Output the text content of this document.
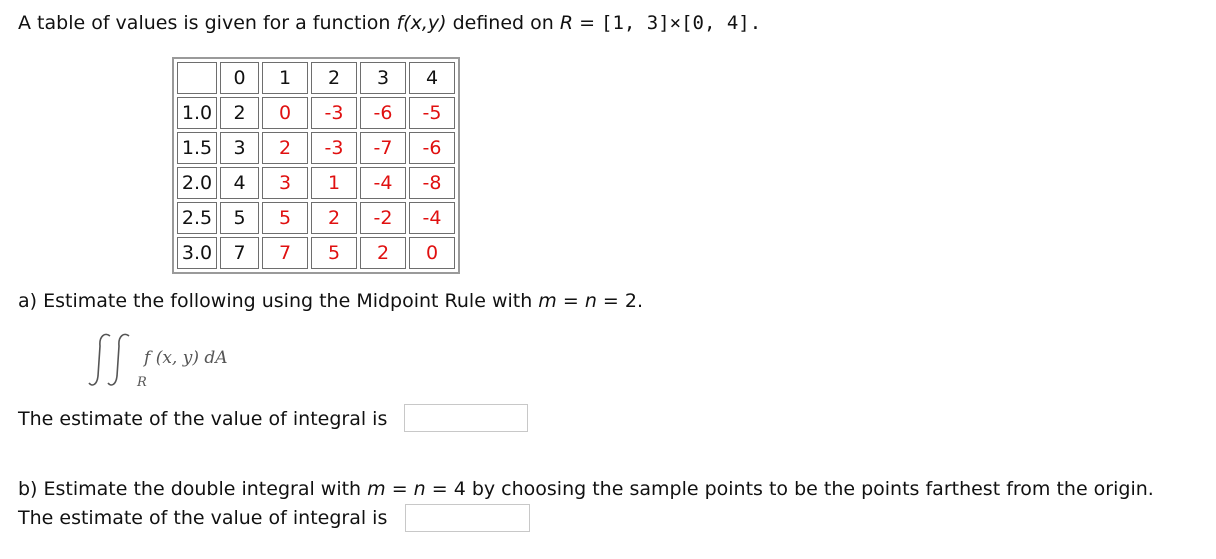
A table of values is given for a function f(x,y) defined on R = [1, 3]×[0, 4].
	0	1	2	3	4
1.0	2	0	-3	-6	-5
1.5	3	2	-3	-7	-6
2.0	4	3	1	-4	-8
2.5	5	5	2	-2	-4
3.0	7	7	5	2	0
a) Estimate the following using the Midpoint Rule with m = n = 2.
R
f (x, y) dA
The estimate of the value of integral is
b) Estimate the double integral with m = n = 4 by choosing the sample points to be the points farthest from the origin.
The estimate of the value of integral is
